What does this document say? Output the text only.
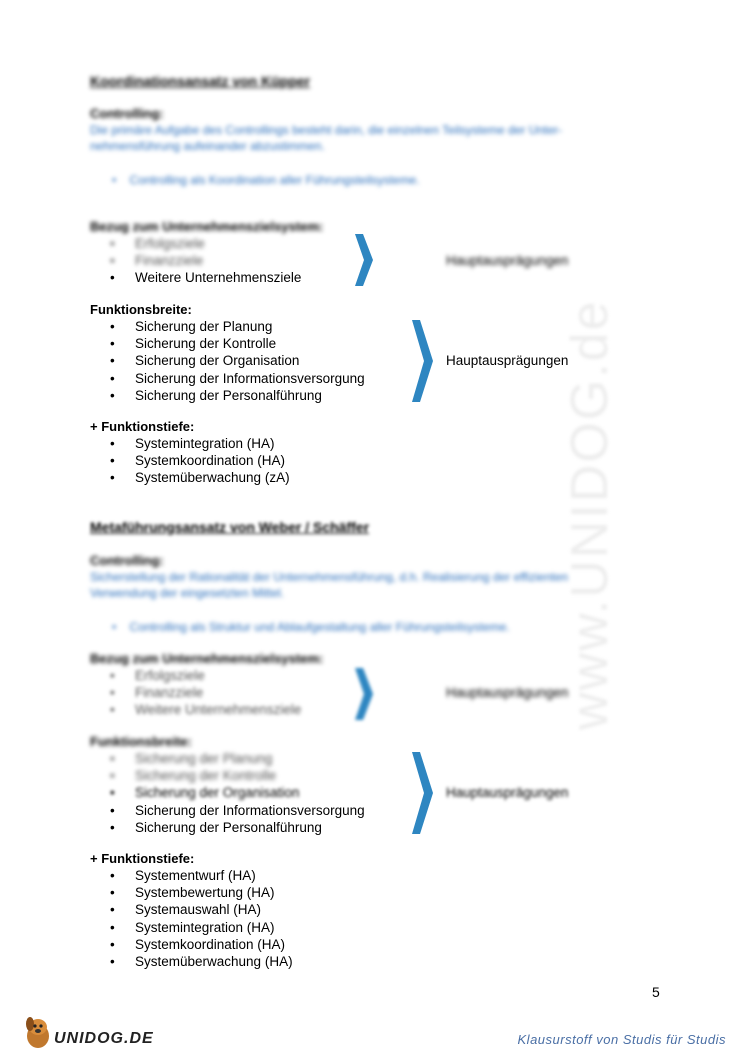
www.UNIDOG.de
Koordinationsansatz von Küpper
Controlling:
Die primäre Aufgabe des Controllings besteht darin, die einzelnen Teilsysteme der Unter-
nehmensführung aufeinander abzustimmen.
• Controlling als Koordination aller Führungsteilsysteme.
Bezug zum Unternehmenszielsystem:
• Erfolgsziele
• Finanzziele
• Weitere Unternehmensziele
Hauptausprägungen
Funktionsbreite:
• Sicherung der Planung
• Sicherung der Kontrolle
• Sicherung der Organisation
• Sicherung der Informationsversorgung
• Sicherung der Personalführung
Hauptausprägungen
+ Funktionstiefe:
• Systemintegration (HA)
• Systemkoordination (HA)
• Systemüberwachung (zA)
Metaführungsansatz von Weber / Schäffer
Controlling:
Sicherstellung der Rationalität der Unternehmensführung, d.h. Realisierung der effizienten
Verwendung der eingesetzten Mittel.
• Controlling als Struktur und Ablaufgestaltung aller Führungsteilsysteme.
Bezug zum Unternehmenszielsystem:
• Erfolgsziele
• Finanzziele
• Weitere Unternehmensziele
Hauptausprägungen
Funktionsbreite:
• Sicherung der Planung
• Sicherung der Kontrolle
• Sicherung der Organisation
• Sicherung der Informationsversorgung
• Sicherung der Personalführung
Hauptausprägungen
+ Funktionstiefe:
• Systementwurf (HA)
• Systembewertung (HA)
• Systemauswahl (HA)
• Systemintegration (HA)
• Systemkoordination (HA)
• Systemüberwachung (HA)
5
UNIDOG.DE	Klausurstoff von Studis für Studis
